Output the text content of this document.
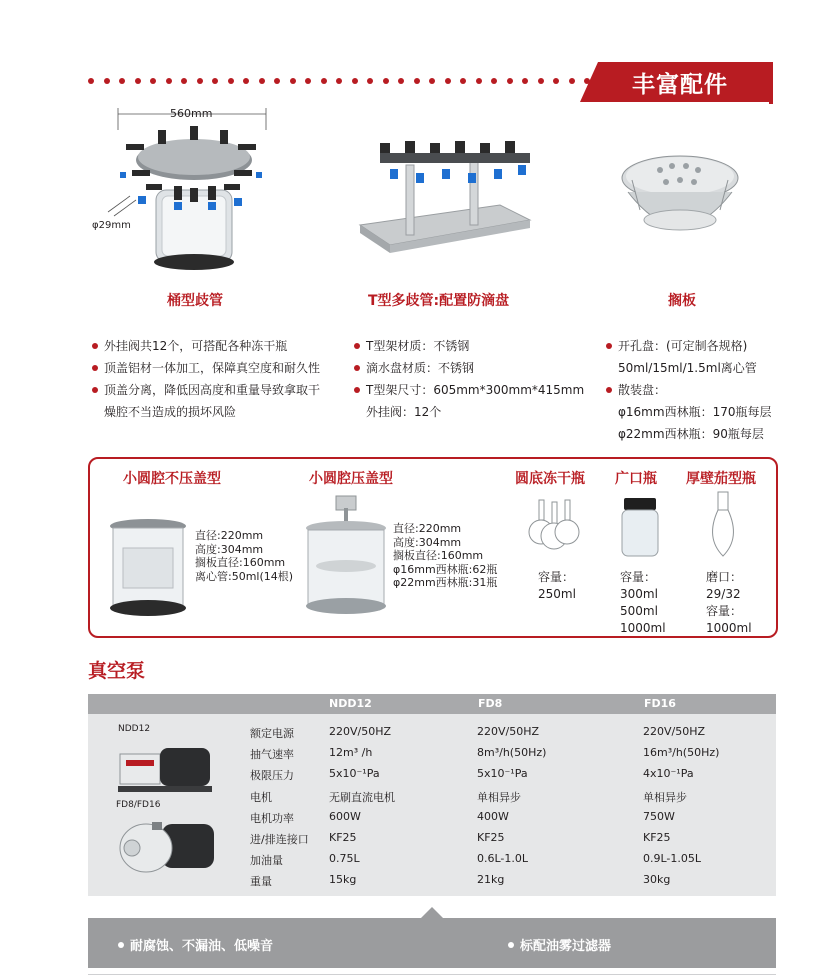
丰富配件
560mm
φ29mm
桶型歧管	T型多歧管:配置防滴盘	搁板
外挂阀共12个，可搭配各种冻干瓶
顶盖铝材一体加工，保障真空度和耐久性
顶盖分离，降低因高度和重量导致拿取干
燥腔不当造成的损坏风险
T型架材质：不锈钢
滴水盘材质：不锈钢
T型架尺寸：605mm*300mm*415mm
外挂阀：12个
开孔盘：(可定制各规格)
50ml/15ml/1.5ml离心管
散装盘：
φ16mm西林瓶：170瓶每层
φ22mm西林瓶：90瓶每层
小圆腔不压盖型	小圆腔压盖型	圆底冻干瓶 广口瓶 厚壁茄型瓶
直径:220mm
高度:304mm
搁板直径:160mm
离心管:50ml(14根)
直径:220mm
高度:304mm
搁板直径:160mm
φ16mm西林瓶:62瓶
φ22mm西林瓶:31瓶	容量：
250ml
容量：
300ml
500ml
1000ml
磨口：
29/32
容量：
1000ml
真空泵
NDD12	FD8	FD16
NDD12
FD8/FD16
额定电源	220V/50HZ	220V/50HZ	220V/50HZ
抽气速率	12m³ /h	8m³/h(50Hz)	16m³/h(50Hz)
极限压力	5x10⁻¹Pa	5x10⁻¹Pa	4x10⁻¹Pa
电机	无刷直流电机	单相异步	单相异步
电机功率	600W	400W	750W
进/排连接口 KF25	KF25	KF25
加油量	0.75L	0.6L-1.0L	0.9L-1.05L
重量	15kg	21kg	30kg
耐腐蚀、不漏油、低噪音	标配油雾过滤器
